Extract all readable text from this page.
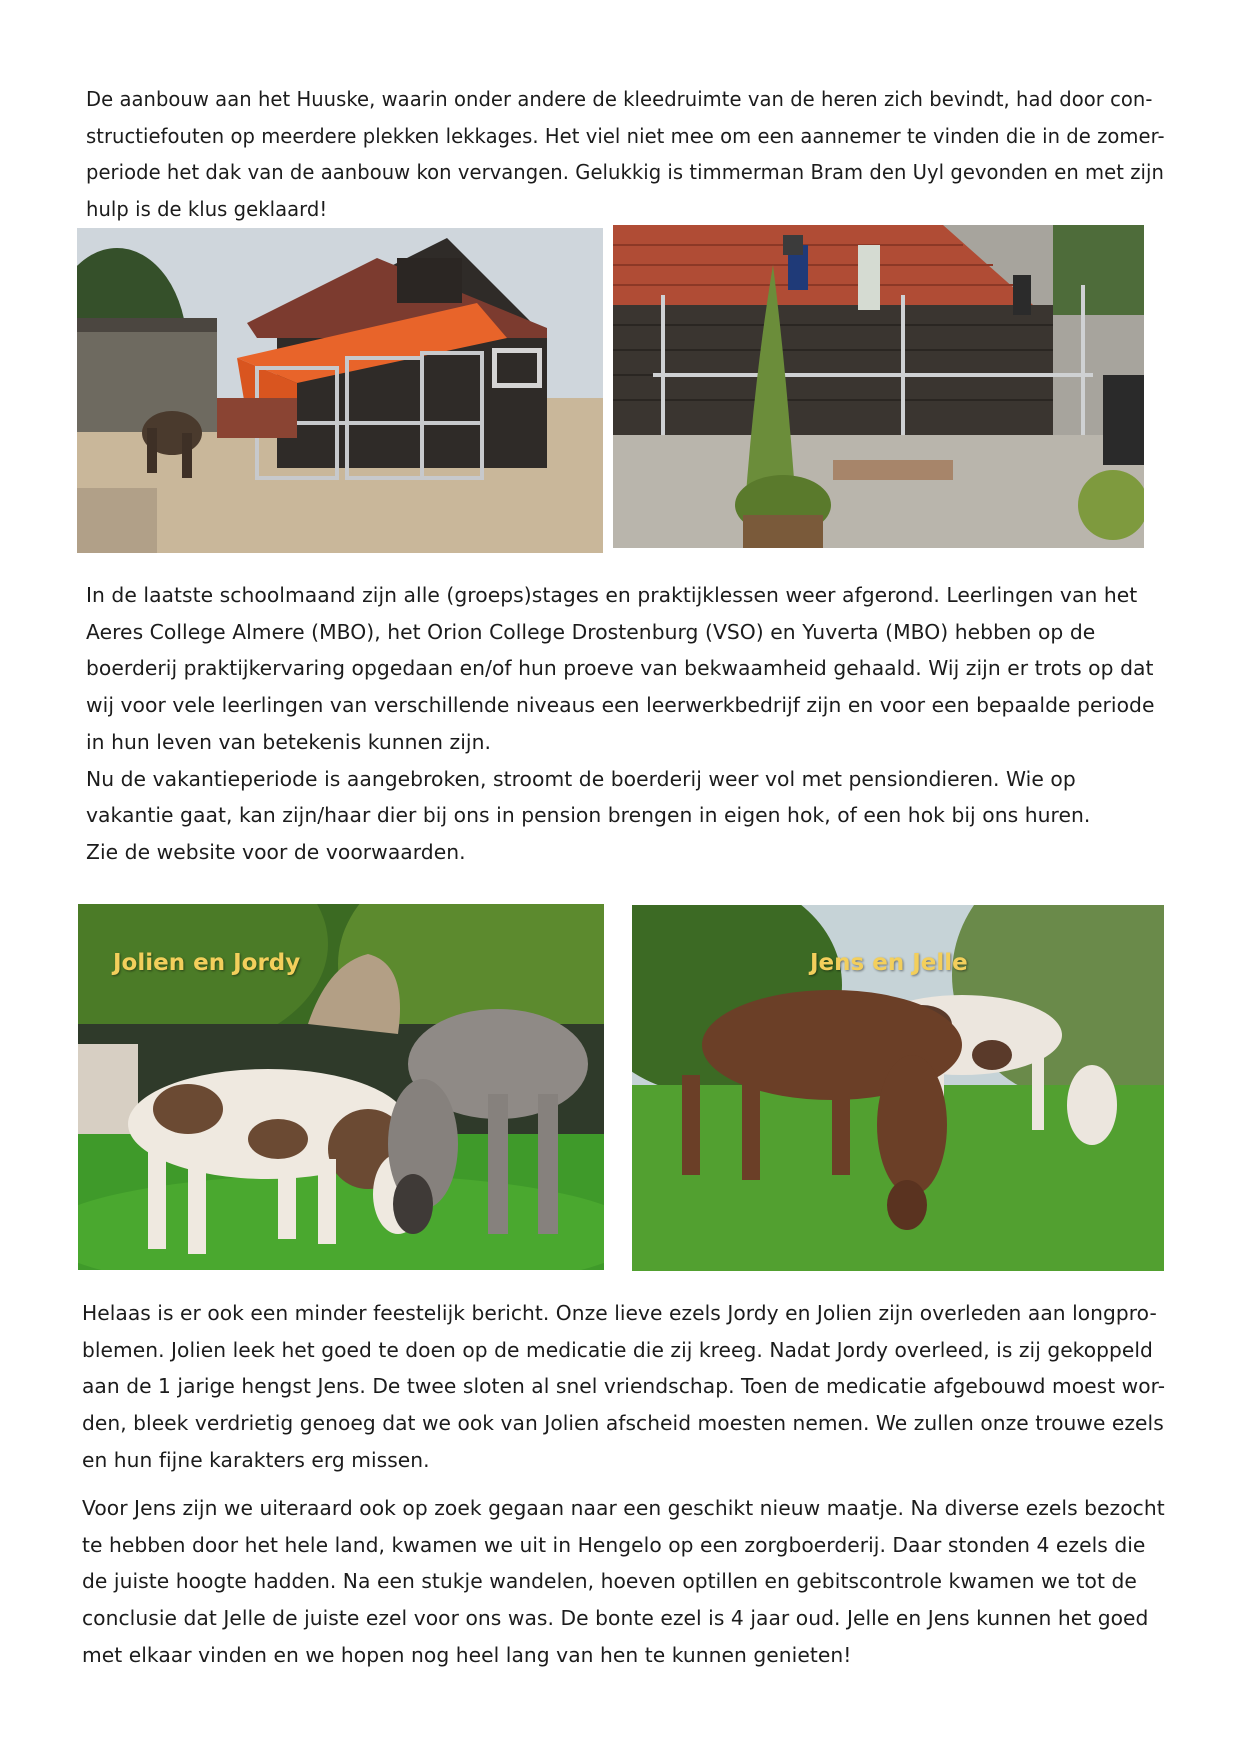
De aanbouw aan het Huuske, waarin onder andere de kleedruimte van de heren zich bevindt, had door con-
structiefouten op meerdere plekken lekkages. Het viel niet mee om een aannemer te vinden die in de zomer-
periode het dak van de aanbouw kon vervangen. Gelukkig is timmerman Bram den Uyl gevonden en met zijn
hulp is de klus geklaard!
In de laatste schoolmaand zijn alle (groeps)stages en praktijklessen weer afgerond. Leerlingen van het
Aeres College Almere (MBO), het Orion College Drostenburg (VSO) en Yuverta (MBO) hebben op de
boerderij praktijkervaring opgedaan en/of hun proeve van bekwaamheid gehaald. Wij zijn er trots op dat
wij voor vele leerlingen van verschillende niveaus een leerwerkbedrijf zijn en voor een bepaalde periode
in hun leven van betekenis kunnen zijn.
Nu de vakantieperiode is aangebroken, stroomt de boerderij weer vol met pensiondieren. Wie op
vakantie gaat, kan zijn/haar dier bij ons in pension brengen in eigen hok, of een hok bij ons huren.
Zie de website voor de voorwaarden.
Jolien en Jordy	Jens en Jelle
Helaas is er ook een minder feestelijk bericht. Onze lieve ezels Jordy en Jolien zijn overleden aan longpro-
blemen. Jolien leek het goed te doen op de medicatie die zij kreeg. Nadat Jordy overleed, is zij gekoppeld
aan de 1 jarige hengst Jens. De twee sloten al snel vriendschap. Toen de medicatie afgebouwd moest wor-
den, bleek verdrietig genoeg dat we ook van Jolien afscheid moesten nemen. We zullen onze trouwe ezels
en hun fijne karakters erg missen.
Voor Jens zijn we uiteraard ook op zoek gegaan naar een geschikt nieuw maatje. Na diverse ezels bezocht
te hebben door het hele land, kwamen we uit in Hengelo op een zorgboerderij. Daar stonden 4 ezels die
de juiste hoogte hadden. Na een stukje wandelen, hoeven optillen en gebitscontrole kwamen we tot de
conclusie dat Jelle de juiste ezel voor ons was. De bonte ezel is 4 jaar oud. Jelle en Jens kunnen het goed
met elkaar vinden en we hopen nog heel lang van hen te kunnen genieten!
